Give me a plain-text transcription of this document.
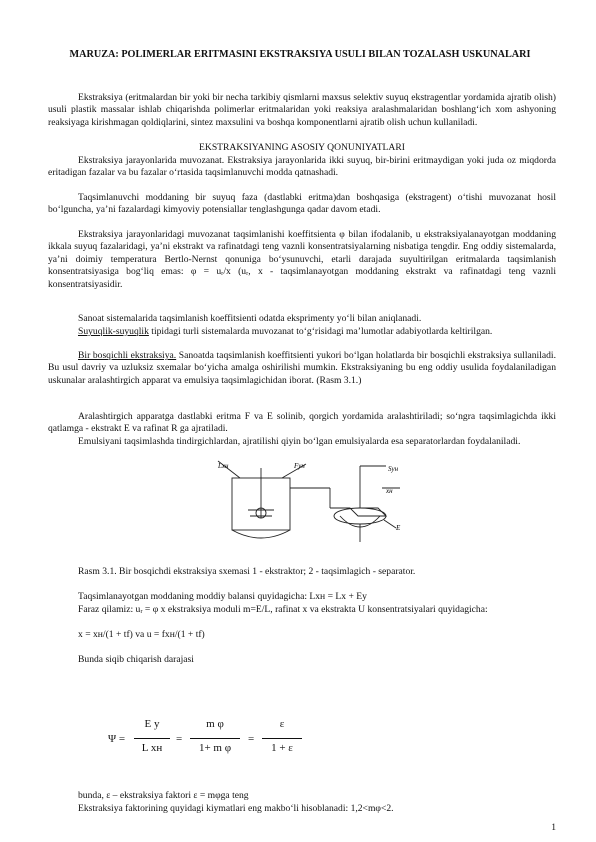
MARUZA: POLIMERLAR ERITMASINI EKSTRAKSIYA USULI BILAN TOZALASH USKUNALARI
Ekstraksiya (eritmalardan bir yoki bir necha tarkibiy qismlarni maxsus selektiv suyuq ekstragentlar yordamida ajratib olish) usuli plastik massalar ishlab chiqarishda polimerlar eritmalaridan yoki reaksiya aralashmalaridan boshlang‘ich xom ashyoning reaksiyaga kirishmagan qoldiqlarini, sintez maxsulini va boshqa komponentlarni ajratib olish uchun kullaniladi.
EKSTRAKSIYANING ASOSIY QONUNIYATLARI
Ekstraksiya jarayonlarida muvozanat. Ekstraksiya jarayonlarida ikki suyuq, bir-birini eritmaydigan yoki juda oz miqdorda eritadigan fazalar va bu fazalar o‘rtasida taqsimlanuvchi modda qatnashadi.
Taqsimlanuvchi moddaning bir suyuq faza (dastlabki eritma)dan boshqasiga (ekstragent) o‘tishi muvozanat hosil bo‘lguncha, ya’ni fazalardagi kimyoviy potensiallar tenglashgunga qadar davom etadi.
Ekstraksiya jarayonlaridagi muvozanat taqsimlanishi koeffitsienta φ bilan ifodalanib, u ekstraksiyalanayotgan moddaning ikkala suyuq fazalaridagi, ya’ni ekstrakt va rafinatdagi teng vaznli konsentratsiyalarning nisbatiga tengdir. Eng oddiy sistemalarda, ya’ni doimiy temperatura Bertlo-Nernst qonuniga bo‘ysunuvchi, etarli darajada suyultirilgan eritmalarda taqsimlanish konsentratsiyasiga bog‘liq emas: φ = uᵣ/x (uᵣ, x - taqsimlanayotgan moddaning ekstrakt va rafinatdagi teng vaznli konsentratsiyasidir.
Sanoat sistemalarida taqsimlanish koeffitsienti odatda eksprimenty yo‘li bilan aniqlanadi.
Suyuqlik-suyuqlik tipidagi turli sistemalarda muvozanat to‘g‘risidagi ma’lumotlar adabiyotlarda keltirilgan.
Bir bosqichli ekstraksiya. Sanoatda taqsimlanish koeffitsienti yukori bo‘lgan holatlarda bir bosqichli ekstraksiya sullaniladi. Bu usul davriy va uzluksiz sxemalar bo‘yicha amalga oshirilishi mumkin. Ekstraksiyaning bu eng oddiy usulida foydalaniladigan uskunalar aralashtirgich apparat va emulsiya taqsimlagichidan iborat. (Rasm 3.1.)
Aralashtirgich apparatga dastlabki eritma F va E solinib, qorgich yordamida aralashtiriladi; so‘ngra taqsimlagichda ikki qatlamga - ekstrakt E va rafinat R ga ajratiladi.
Emulsiyani taqsimlashda tindirgichlardan, ajratilishi qiyin bo‘lgan emulsiyalarda esa separatorlardan foydalaniladi.
Lxн	Fyн	Syн
xн
E
Rasm 3.1. Bir bosqichdi ekstraksiya sxemasi 1 - ekstraktor; 2 - taqsimlagich - separator.
Taqsimlanayotgan moddaning moddiy balansi quyidagicha: Lxн = Lx + Ey
Faraz qilamiz: uᵣ = φ x ekstraksiya moduli m=E/L, rafinat x va ekstrakta U konsentratsiyalari quyidagicha:
x = xн/(1 + tf) va u = fxн/(1 + tf)
Bunda siqib chiqarish darajasi
Ψ =
E y
L xн
=
m φ
1+ m φ
=
ε
1 + ε
bunda, ε – ekstraksiya faktori ε = mφga teng
Ekstraksiya faktorining quyidagi kiymatlari eng makbo‘li hisoblanadi: 1,2<mφ<2.
1
